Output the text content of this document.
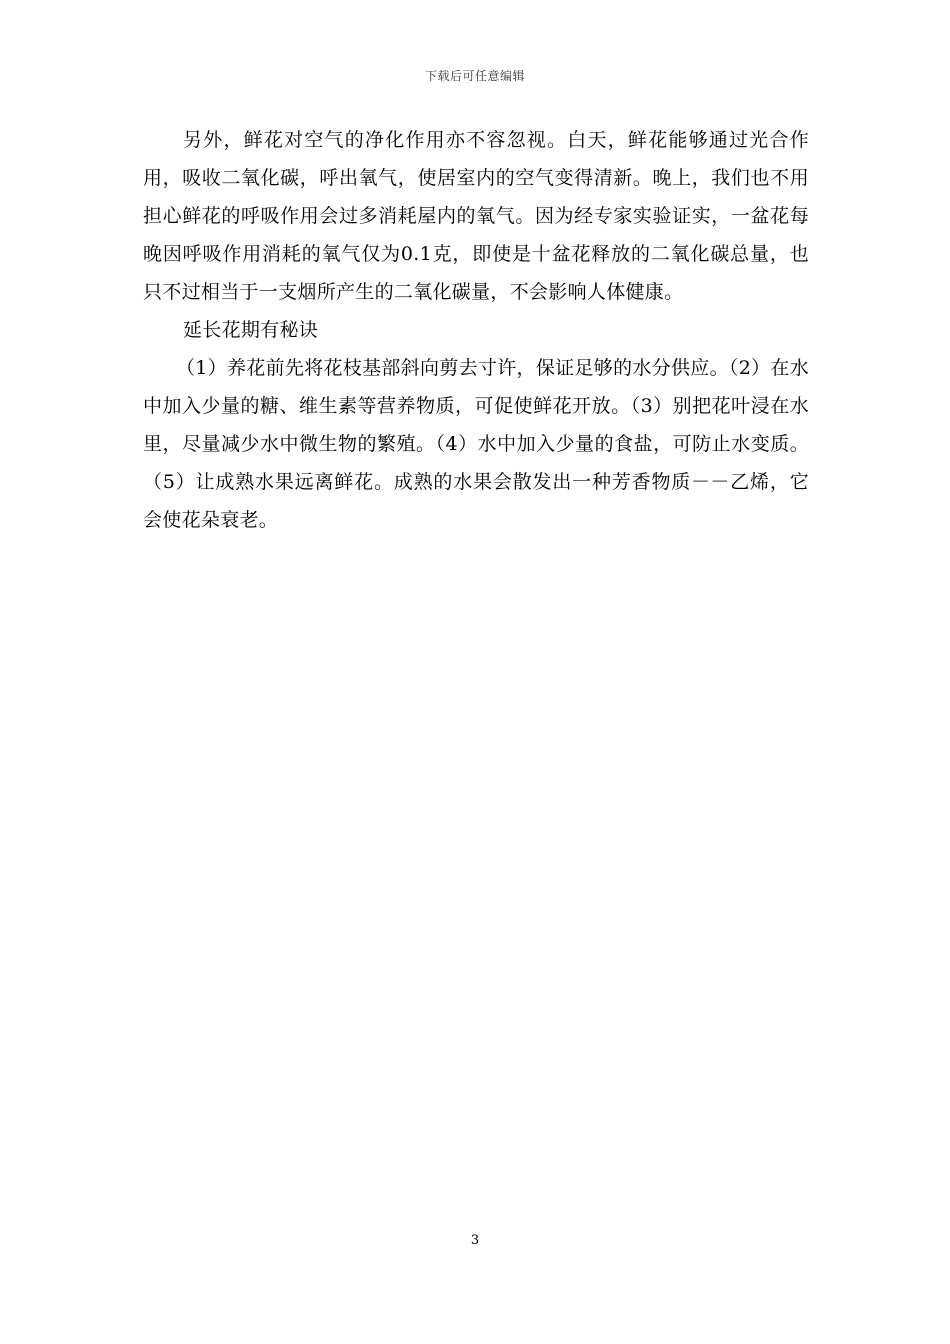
下载后可任意编辑

另外，鲜花对空气的净化作用亦不容忽视。白天，鲜花能够通过光合作用，吸收二氧化碳，呼出氧气，使居室内的空气变得清新。晚上，我们也不用担心鲜花的呼吸作用会过多消耗屋内的氧气。因为经专家实验证实，一盆花每晚因呼吸作用消耗的氧气仅为0.1克，即使是十盆花释放的二氧化碳总量，也只不过相当于一支烟所产生的二氧化碳量，不会影响人体健康。

延长花期有秘诀

（1）养花前先将花枝基部斜向剪去寸许，保证足够的水分供应。（2）在水中加入少量的糖、维生素等营养物质，可促使鲜花开放。（3）别把花叶浸在水里，尽量减少水中微生物的繁殖。（4）水中加入少量的食盐，可防止水变质。（5）让成熟水果远离鲜花。成熟的水果会散发出一种芳香物质－－乙烯，它会使花朵衰老。

3
